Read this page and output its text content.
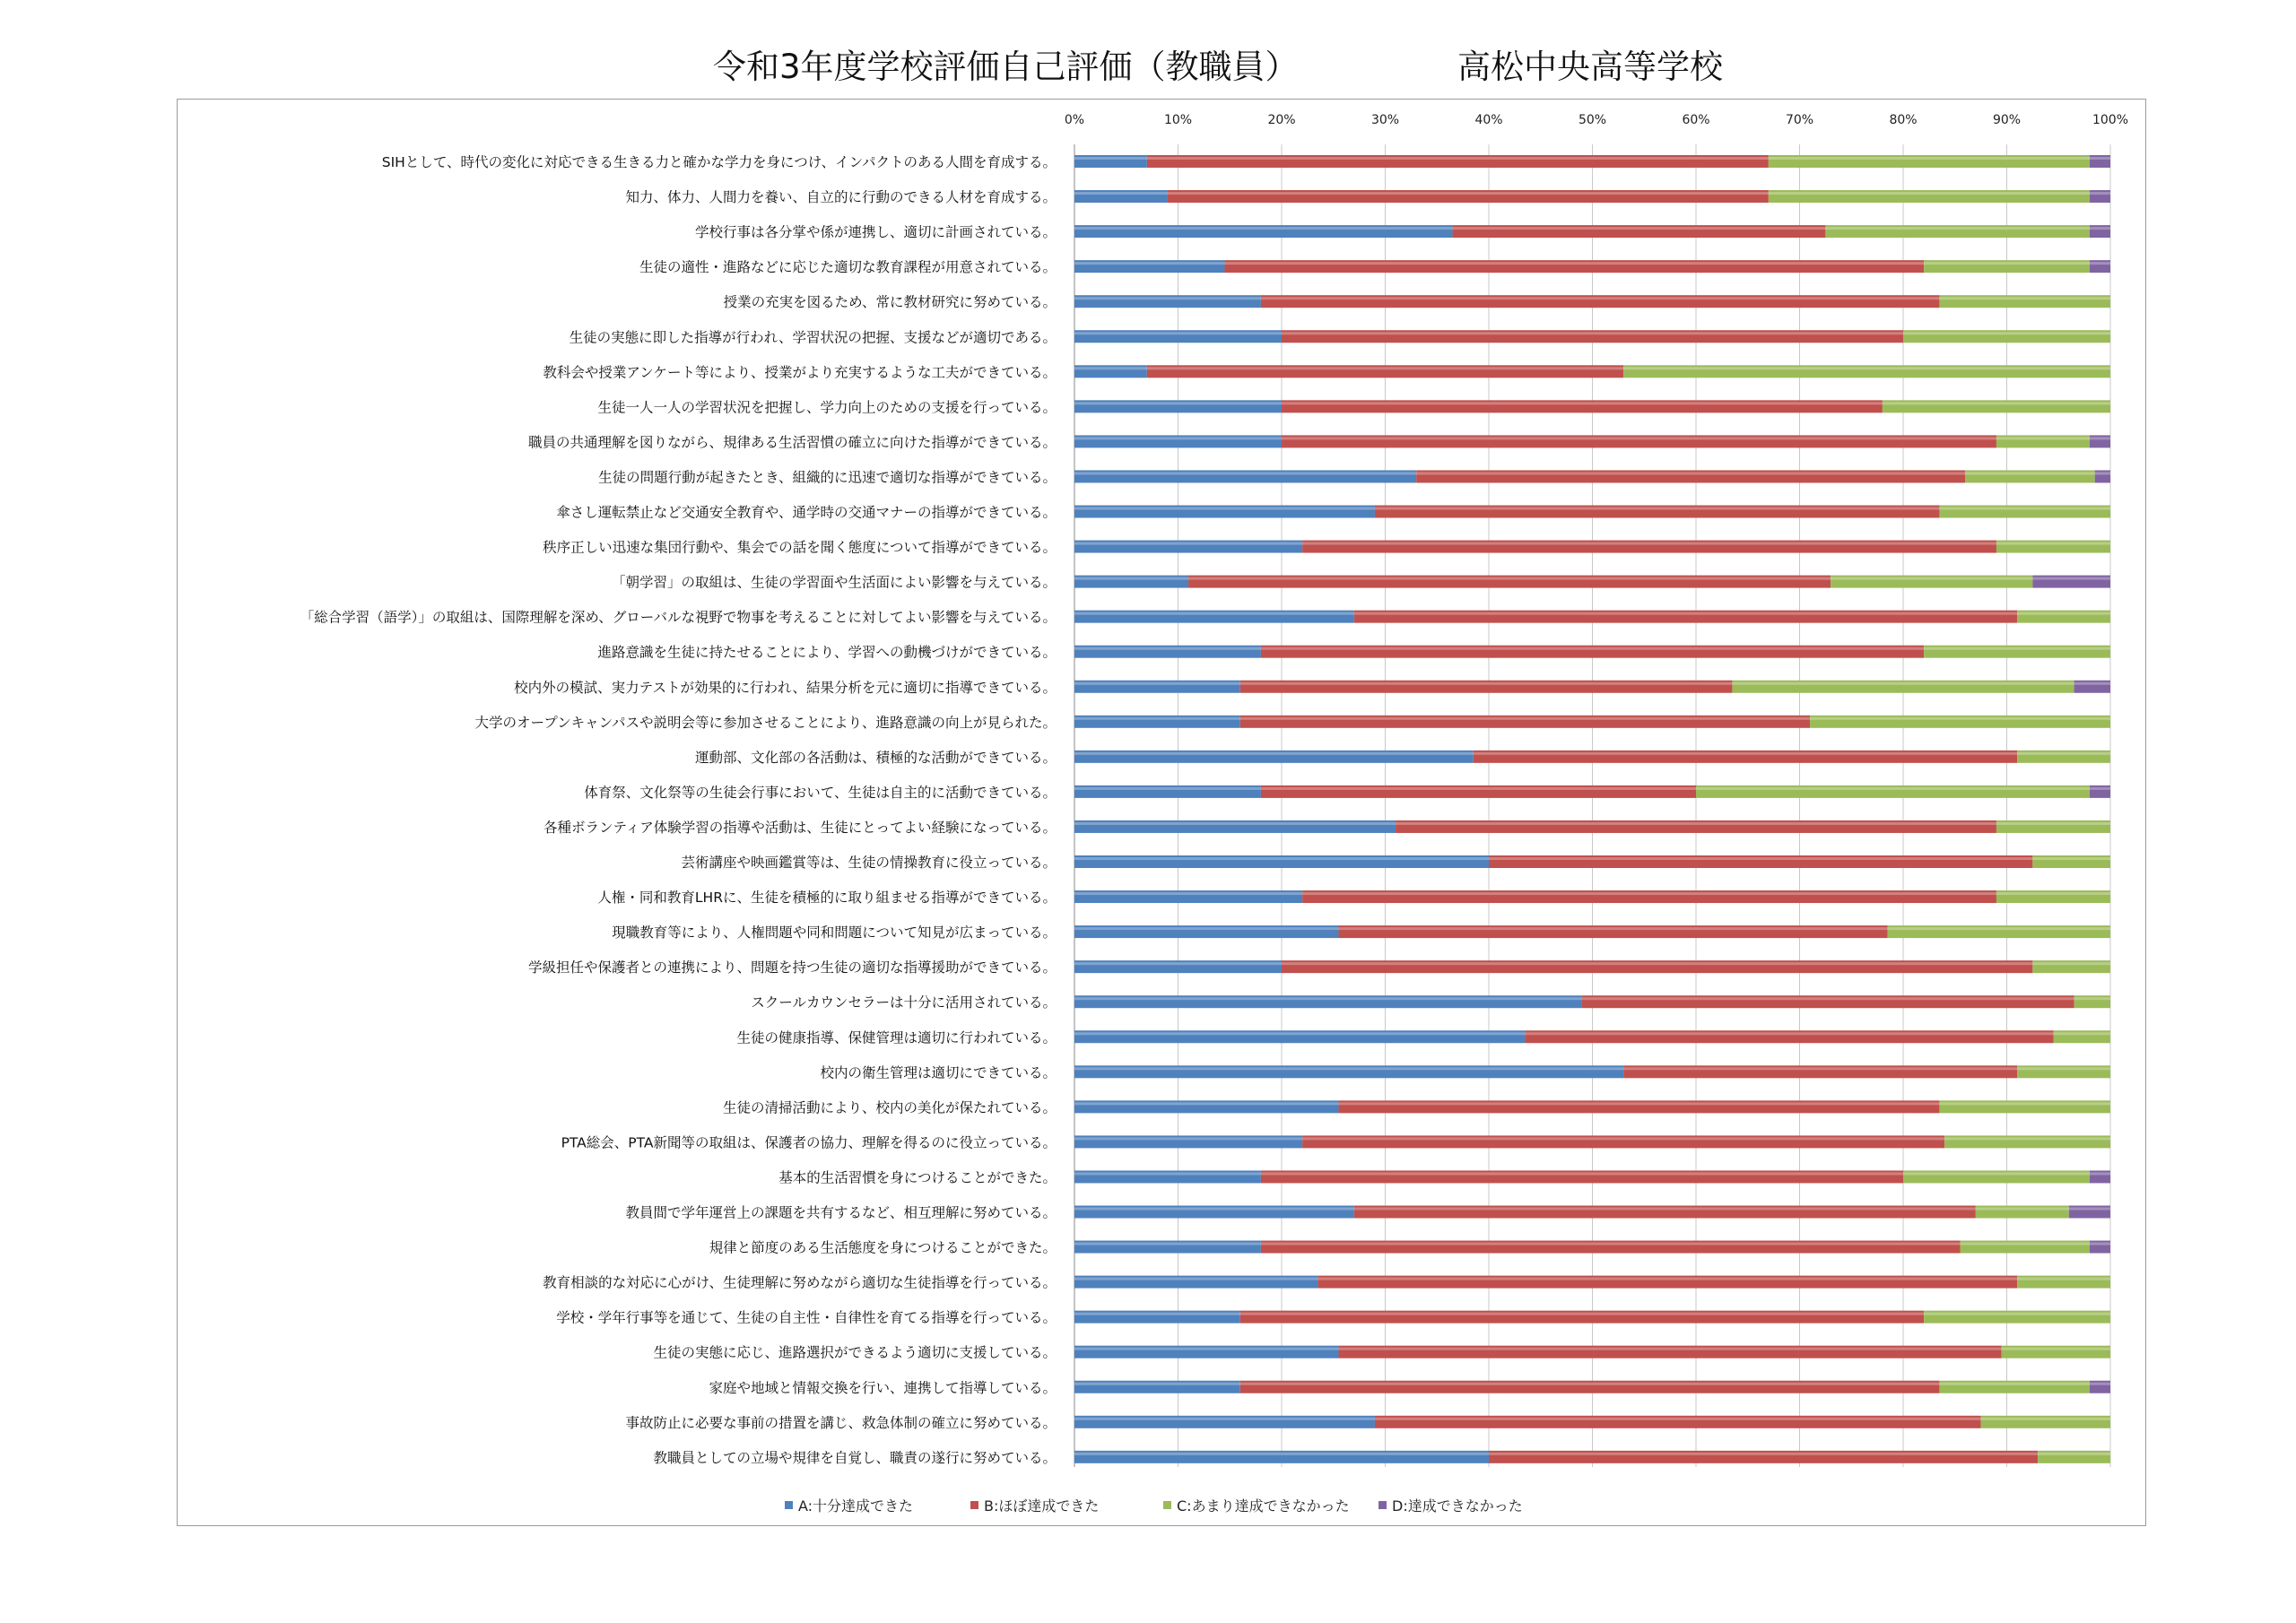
令和3年度学校評価自己評価（教職員）	高松中央高等学校
0%	10%	20%	30%	40%	50%	60%	70%	80%	90%	100%
SIHとして、時代の変化に対応できる生きる力と確かな学力を身につけ、インパクトのある人間を育成する。
知力、体力、人間力を養い、自立的に行動のできる人材を育成する。
学校行事は各分掌や係が連携し、適切に計画されている。
生徒の適性・進路などに応じた適切な教育課程が用意されている。
授業の充実を図るため、常に教材研究に努めている。
生徒の実態に即した指導が行われ、学習状況の把握、支援などが適切である。
教科会や授業アンケート等により、授業がより充実するような工夫ができている。
生徒一人一人の学習状況を把握し、学力向上のための支援を行っている。
職員の共通理解を図りながら、規律ある生活習慣の確立に向けた指導ができている。
生徒の問題行動が起きたとき、組織的に迅速で適切な指導ができている。
傘さし運転禁止など交通安全教育や、通学時の交通マナーの指導ができている。
秩序正しい迅速な集団行動や、集会での話を聞く態度について指導ができている。
「朝学習」の取組は、生徒の学習面や生活面によい影響を与えている。
「総合学習（語学）」の取組は、国際理解を深め、グローバルな視野で物事を考えることに対してよい影響を与えている。
進路意識を生徒に持たせることにより、学習への動機づけができている。
校内外の模試、実力テストが効果的に行われ、結果分析を元に適切に指導できている。
大学のオープンキャンパスや説明会等に参加させることにより、進路意識の向上が見られた。
運動部、文化部の各活動は、積極的な活動ができている。
体育祭、文化祭等の生徒会行事において、生徒は自主的に活動できている。
各種ボランティア体験学習の指導や活動は、生徒にとってよい経験になっている。
芸術講座や映画鑑賞等は、生徒の情操教育に役立っている。
人権・同和教育LHRに、生徒を積極的に取り組ませる指導ができている。
現職教育等により、人権問題や同和問題について知見が広まっている。
学級担任や保護者との連携により、問題を持つ生徒の適切な指導援助ができている。
スクールカウンセラーは十分に活用されている。
生徒の健康指導、保健管理は適切に行われている。
校内の衛生管理は適切にできている。
生徒の清掃活動により、校内の美化が保たれている。
PTA総会、PTA新聞等の取組は、保護者の協力、理解を得るのに役立っている。
基本的生活習慣を身につけることができた。
教員間で学年運営上の課題を共有するなど、相互理解に努めている。
規律と節度のある生活態度を身につけることができた。
教育相談的な対応に心がけ、生徒理解に努めながら適切な生徒指導を行っている。
学校・学年行事等を通じて、生徒の自主性・自律性を育てる指導を行っている。
生徒の実態に応じ、進路選択ができるよう適切に支援している。
家庭や地域と情報交換を行い、連携して指導している。
事故防止に必要な事前の措置を講じ、救急体制の確立に努めている。
教職員としての立場や規律を自覚し、職責の遂行に努めている。
A:十分達成できた	B:ほぼ達成できた	C:あまり達成できなかった	D:達成できなかった
